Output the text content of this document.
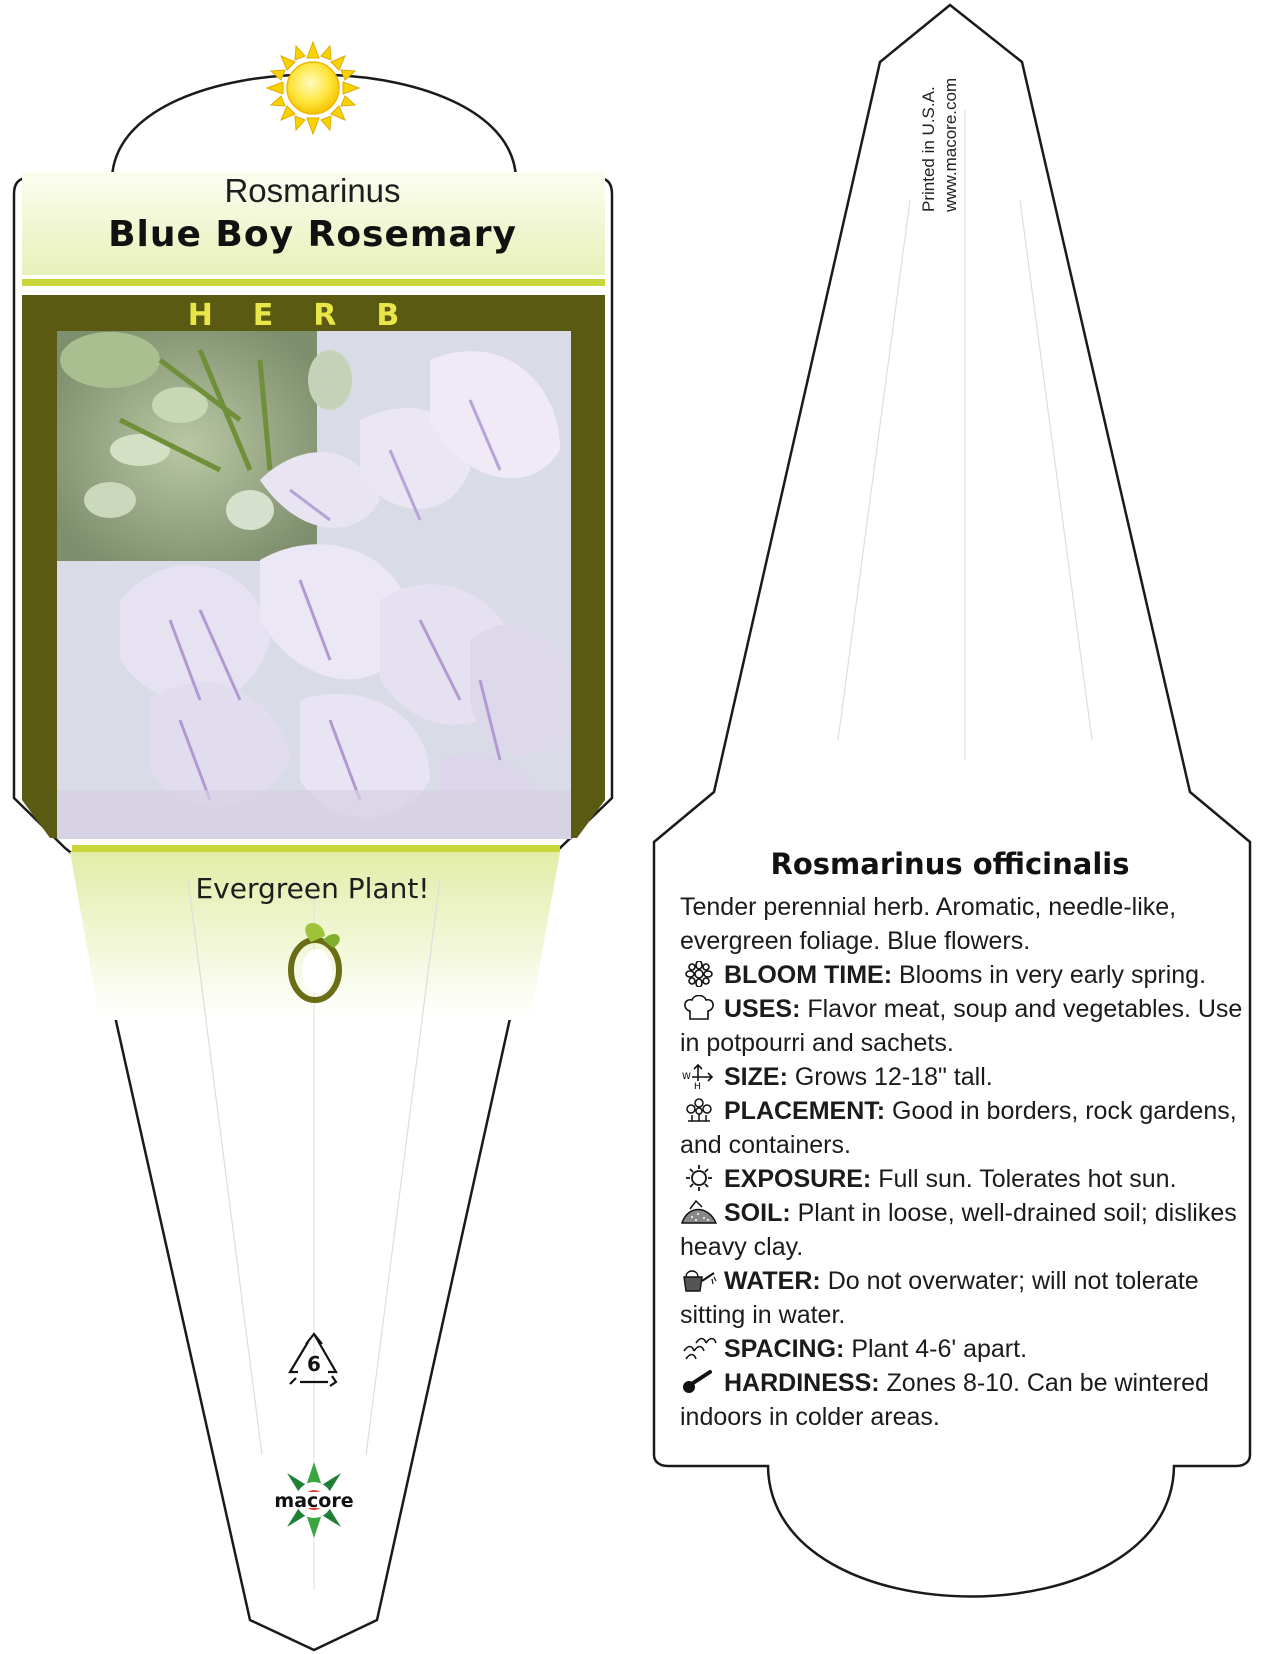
Rosmarinus
Blue Boy Rosemary
HERB
Evergreen Plant!
6
macore
Printed in U.S.A. www.macore.com
Rosmarinus officinalis

Tender perennial herb. Aromatic, needle-like, evergreen foliage. Blue flowers.

BLOOM TIME: Blooms in very early spring.

USES: Flavor meat, soup and vegetables. Use in potpourri and sachets.

W
H SIZE: Grows 12-18" tall.

PLACEMENT: Good in borders, rock gardens, and containers.

EXPOSURE: Full sun. Tolerates hot sun.

SOIL: Plant in loose, well-drained soil; dislikes heavy clay.

WATER: Do not overwater; will not tolerate sitting in water.

SPACING: Plant 4-6' apart.

HARDINESS: Zones 8-10. Can be wintered indoors in colder areas.
